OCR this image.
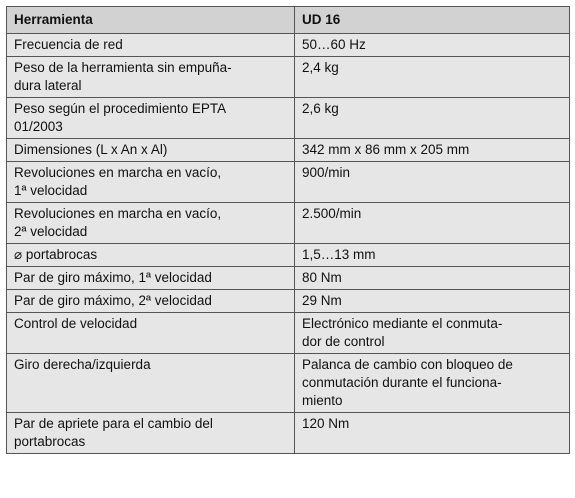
Herramienta	UD 16
Frecuencia de red	50…60 Hz
Peso de la herramienta sin empuña-
dura lateral	2,4 kg
Peso según el procedimiento EPTA
01/2003	2,6 kg
Dimensiones (L x An x Al)	342 mm x 86 mm x 205 mm
Revoluciones en marcha en vacío,
1ª velocidad	900/min
Revoluciones en marcha en vacío,
2ª velocidad	2.500/min
⌀ portabrocas	1,5…13 mm
Par de giro máximo, 1ª velocidad	80 Nm
Par de giro máximo, 2ª velocidad	29 Nm
Control de velocidad	Electrónico mediante el conmuta-
dor de control
Giro derecha/izquierda	Palanca de cambio con bloqueo de
conmutación durante el funciona-
miento
Par de apriete para el cambio del
portabrocas	120 Nm
